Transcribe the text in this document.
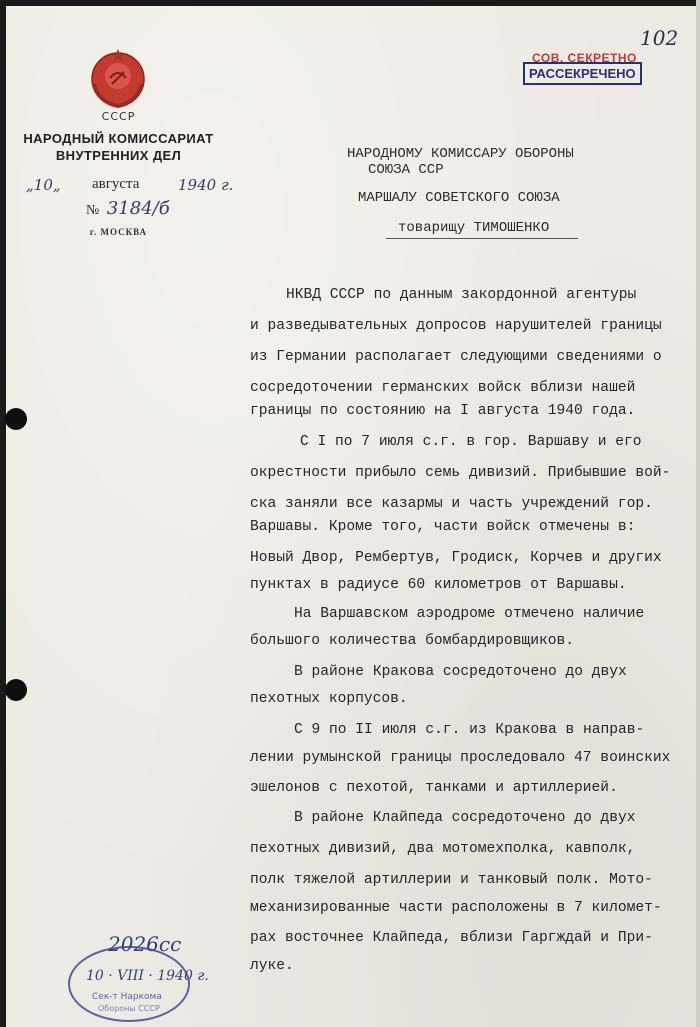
СССР
НАРОДНЫЙ КОМИССАРИАТ
ВНУТРЕННИХ ДЕЛ
„10„ августа	1940 г.
№ 3184/б
г. МОСКВА
102
СОВ. СЕКРЕТНО
РАССЕКРЕЧЕНО
НАРОДНОМУ КОМИССАРУ ОБОРОНЫ
СОЮЗА ССР
МАРШАЛУ СОВЕТСКОГО СОЮЗА
товарищу ТИМОШЕНКО
НКВД СССР по данным закордонной агентуры
и разведывательных допросов нарушителей границы
из Германии располагает следующими сведениями о
сосредоточении германских войск вблизи нашей
границы по состоянию на I августа 1940 года.
С I по 7 июля с.г. в гор. Варшаву и его
окрестности прибыло семь дивизий. Прибывшие вой-
ска заняли все казармы и часть учреждений гор.
Варшавы. Кроме того, части войск отмечены в:
Новый Двор, Рембертув, Гродиск, Корчев и других
пунктах в радиусе 60 километров от Варшавы.
На Варшавском аэродроме отмечено наличие
большого количества бомбардировщиков.
В районе Кракова сосредоточено до двух
пехотных корпусов.
С 9 по II июля с.г. из Кракова в направ-
лении румынской границы проследовало 47 воинских
эшелонов с пехотой, танками и артиллерией.
В районе Клайпеда сосредоточено до двух
пехотных дивизий, два мотомехполка, кавполк,
полк тяжелой артиллерии и танковый полк. Мото-
механизированные части расположены в 7 километ-
рах восточнее Клайпеда, вблизи Гаргждай и При-
луке.
2026сс
10 · VIII · 1940 г.
Сек-т Наркома
Обороны СССР
